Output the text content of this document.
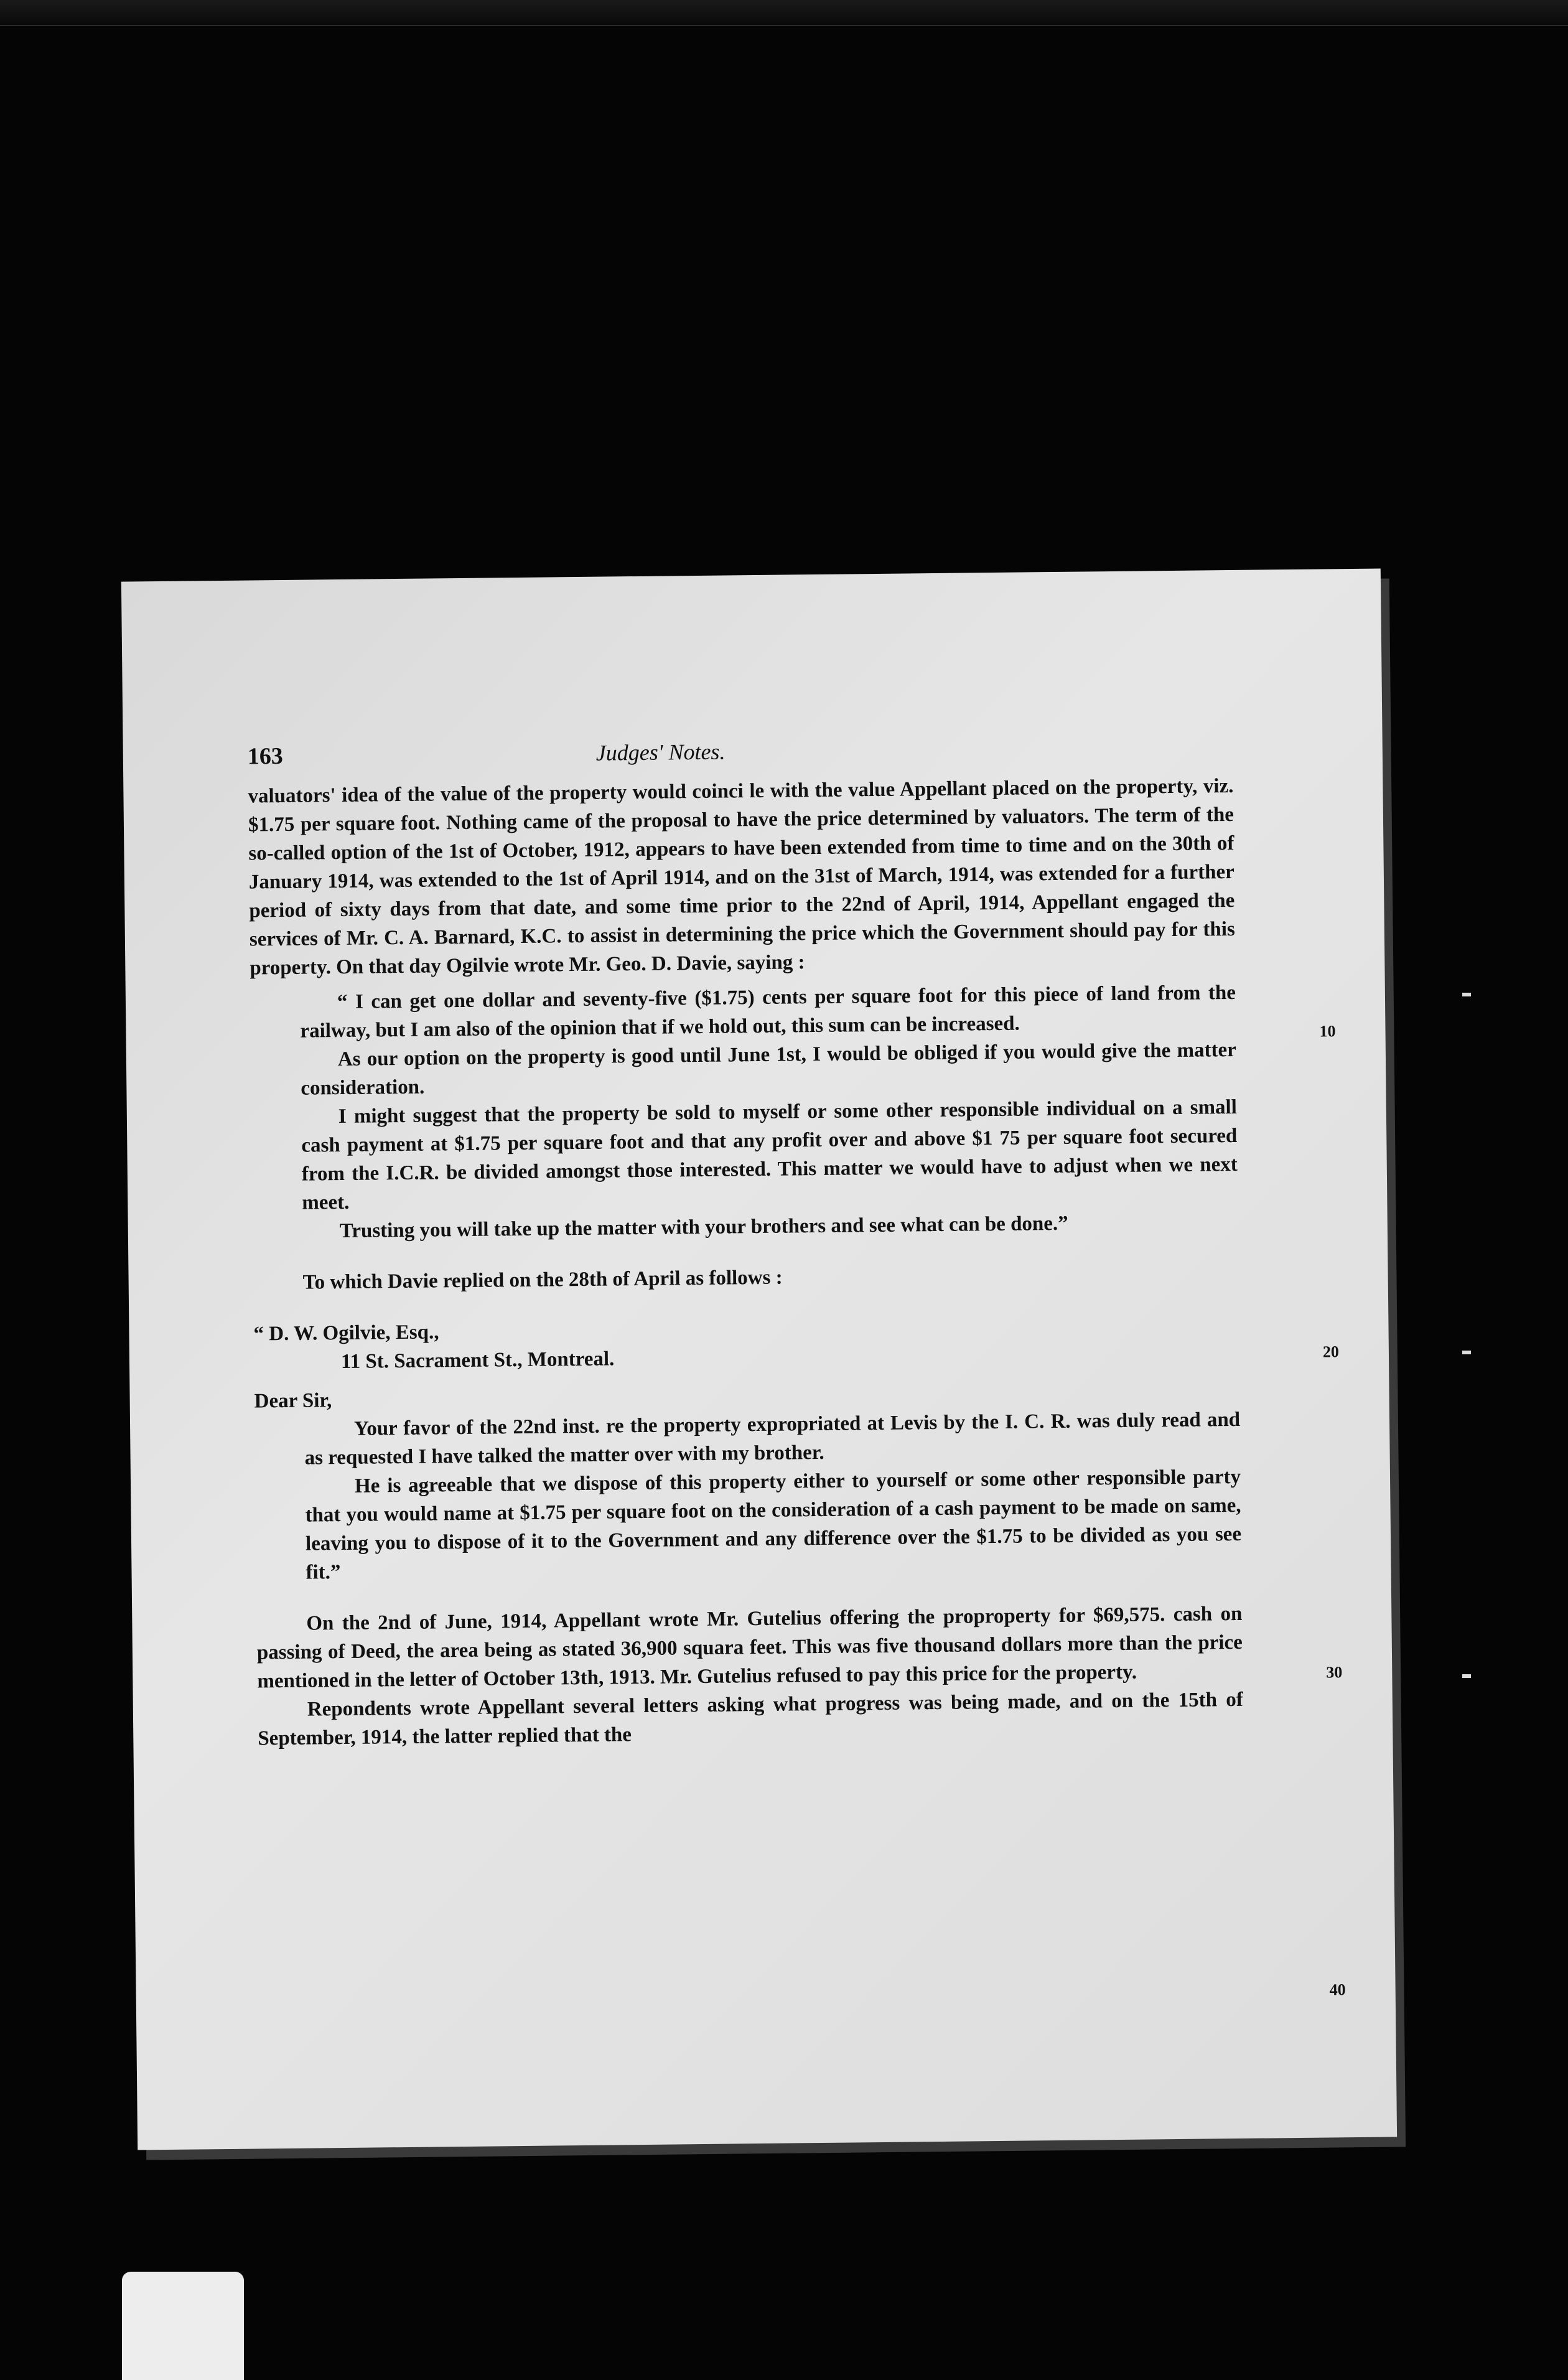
163	Judges' Notes.

valuators' idea of the value of the property would coinci le with the value Appellant placed on the property, viz. $1.75 per square foot. Nothing came of the proposal to have the price determined by valuators. The term of the so-called option of the 1st of October, 1912, appears to have been extended from time to time and on the 30th of January 1914, was extended to the 1st of April 1914, and on the 31st of March, 1914, was extended for a further period of sixty days from that date, and some time prior to the 22nd of April, 1914, Appellant engaged the services of Mr. C. A. Barnard, K.C. to assist in determining the price which the Government should pay for this property. On that day Ogilvie wrote Mr. Geo. D. Davie, saying :

“ I can get one dollar and seventy-five ($1.75) cents per square foot for this piece of land from the railway, but I am also of the opinion that if we hold out, this sum can be increased.

As our option on the property is good until June 1st, I would be obliged if you would give the matter consideration.

I might suggest that the property be sold to myself or some other responsible individual on a small cash payment at $1.75 per square foot and that any profit over and above $1 75 per square foot secured from the I.C.R. be divided amongst those interested. This matter we would have to adjust when we next meet.

Trusting you will take up the matter with your brothers and see what can be done.”

To which Davie replied on the 28th of April as follows :

“ D. W. Ogilvie, Esq.,

11 St. Sacrament St., Montreal.

Dear Sir,

Your favor of the 22nd inst. re the property expropriated at Levis by the I. C. R. was duly read and as requested I have talked the matter over with my brother.

He is agreeable that we dispose of this property either to yourself or some other responsible party that you would name at $1.75 per square foot on the consideration of a cash payment to be made on same, leaving you to dispose of it to the Government and any difference over the $1.75 to be divided as you see fit.”

On the 2nd of June, 1914, Appellant wrote Mr. Gutelius offering the proproperty for $69,575. cash on passing of Deed, the area being as stated 36,900 squara feet. This was five thousand dollars more than the price mentioned in the letter of October 13th, 1913. Mr. Gutelius refused to pay this price for the property.

Repondents wrote Appellant several letters asking what progress was being made, and on the 15th of September, 1914, the latter replied that the

10
20
30
40
